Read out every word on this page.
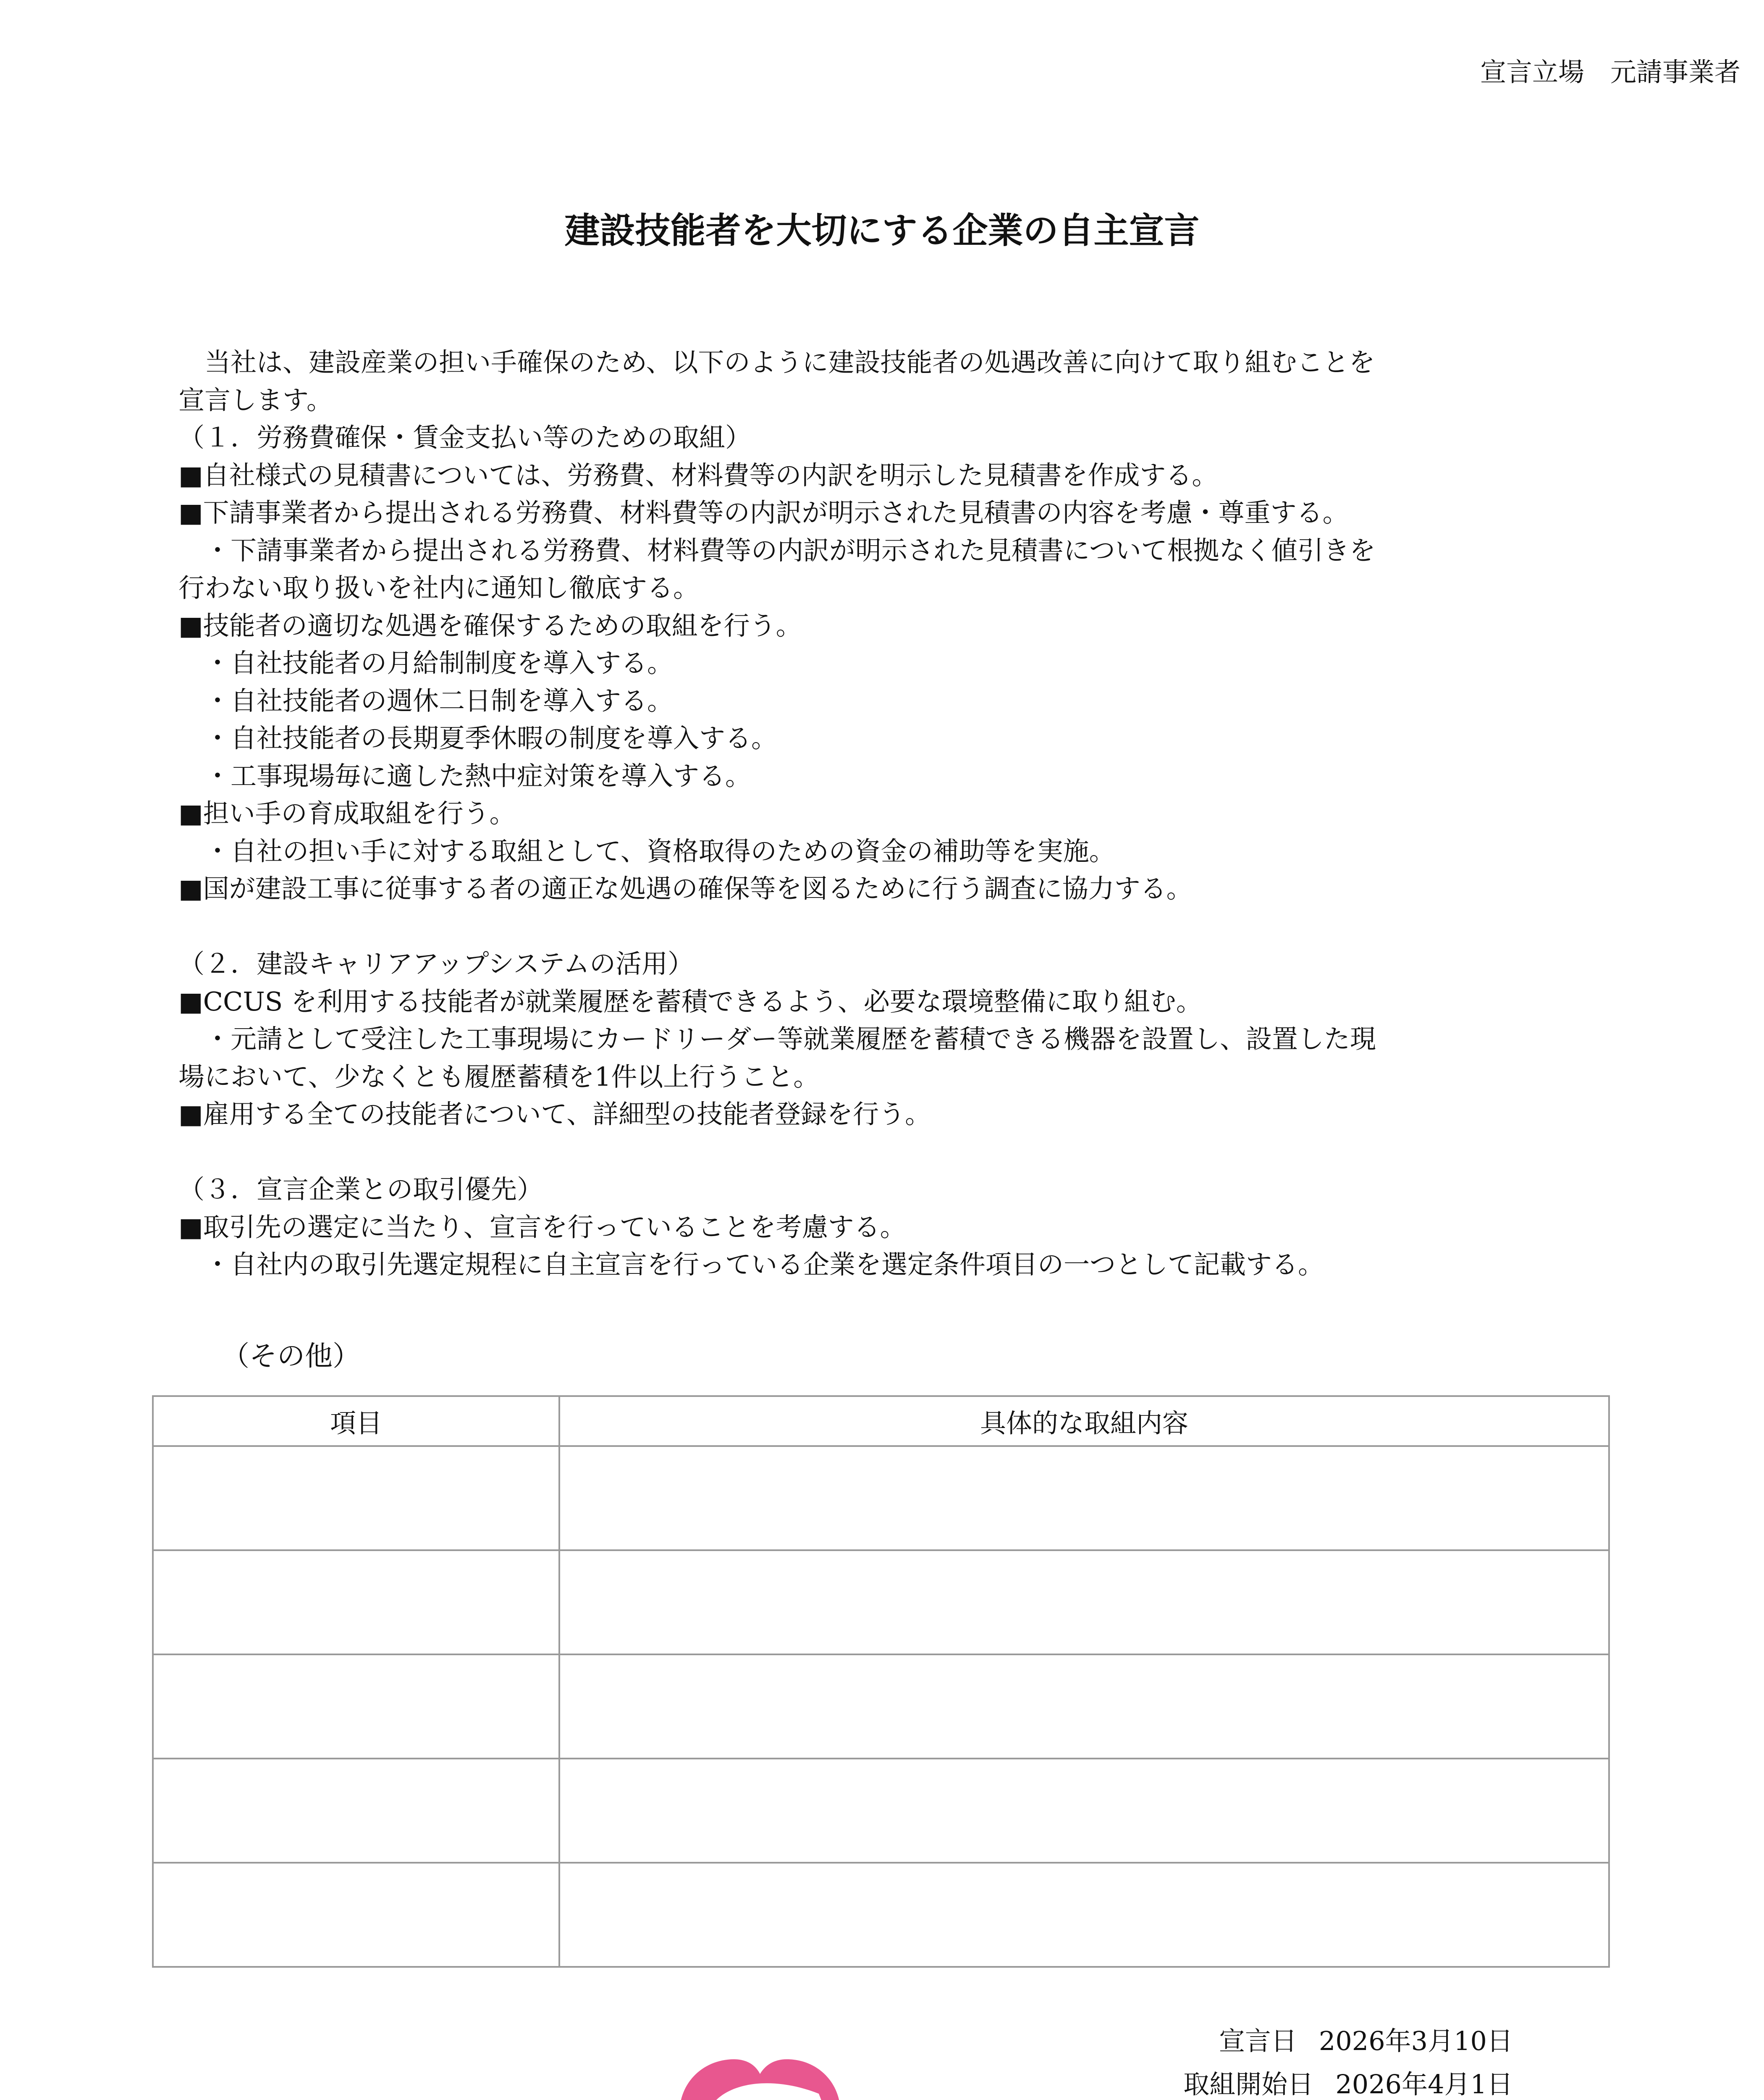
宣言立場　元請事業者
建設技能者を大切にする企業の自主宣言
　当社は、建設産業の担い手確保のため、以下のように建設技能者の処遇改善に向けて取り組むことを
宣言します。
（１．労務費確保・賃金支払い等のための取組）
■自社様式の見積書については、労務費、材料費等の内訳を明示した見積書を作成する。
■下請事業者から提出される労務費、材料費等の内訳が明示された見積書の内容を考慮・尊重する。
　・下請事業者から提出される労務費、材料費等の内訳が明示された見積書について根拠なく値引きを
行わない取り扱いを社内に通知し徹底する。
■技能者の適切な処遇を確保するための取組を行う。
　・自社技能者の月給制制度を導入する。
　・自社技能者の週休二日制を導入する。
　・自社技能者の長期夏季休暇の制度を導入する。
　・工事現場毎に適した熱中症対策を導入する。
■担い手の育成取組を行う。
　・自社の担い手に対する取組として、資格取得のための資金の補助等を実施。
■国が建設工事に従事する者の適正な処遇の確保等を図るために行う調査に協力する。
（２．建設キャリアアップシステムの活用）
■CCUS を利用する技能者が就業履歴を蓄積できるよう、必要な環境整備に取り組む。
　・元請として受注した工事現場にカードリーダー等就業履歴を蓄積できる機器を設置し、設置した現
場において、少なくとも履歴蓄積を1件以上行うこと。
■雇用する全ての技能者について、詳細型の技能者登録を行う。
（３．宣言企業との取引優先）
■取引先の選定に当たり、宣言を行っていることを考慮する。
　・自社内の取引先選定規程に自主宣言を行っている企業を選定条件項目の一つとして記載する。
（その他）
項目	具体的な取組内容

宣言日 2026年3月10日
取組開始日 2026年4月1日
